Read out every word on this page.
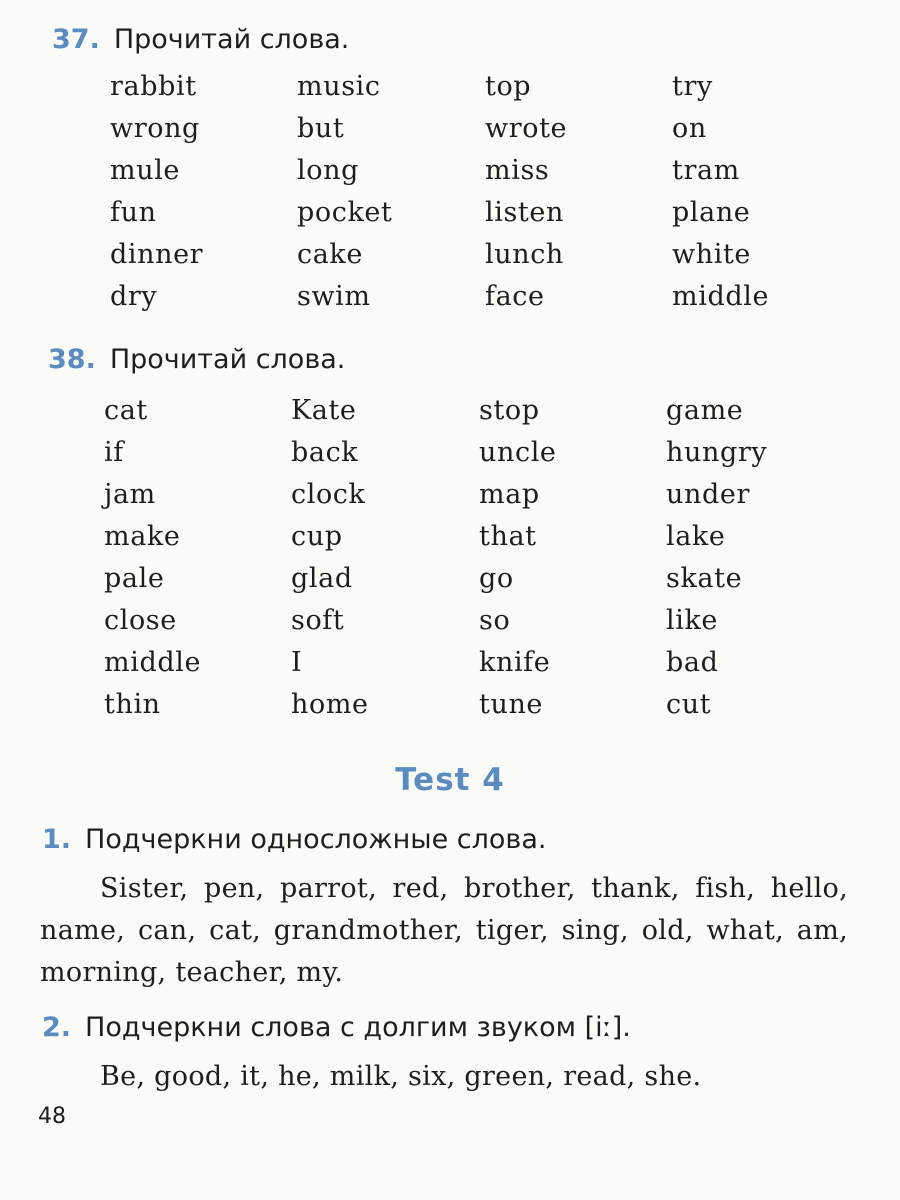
37. Прочитай слова.
rabbit	music	top	try
wrong	but	wrote	on
mule	long	miss	tram
fun	pocket	listen	plane
dinner	cake	lunch	white
dry	swim	face	middle
38. Прочитай слова.
cat	Kate	stop	game
if	back	uncle	hungry
jam	clock	map	under
make	cup	that	lake
pale	glad	go	skate
close	soft	so	like
middle	I	knife	bad
thin	home	tune	cut
Test 4
1. Подчеркни односложные слова.
Sister, pen, parrot, red, brother, thank, fish, hello, name, can, cat, grandmother, tiger, sing, old, what, am, morning, teacher, my.
2. Подчеркни слова с долгим звуком [iː].
Be, good, it, he, milk, six, green, read, she.
48
